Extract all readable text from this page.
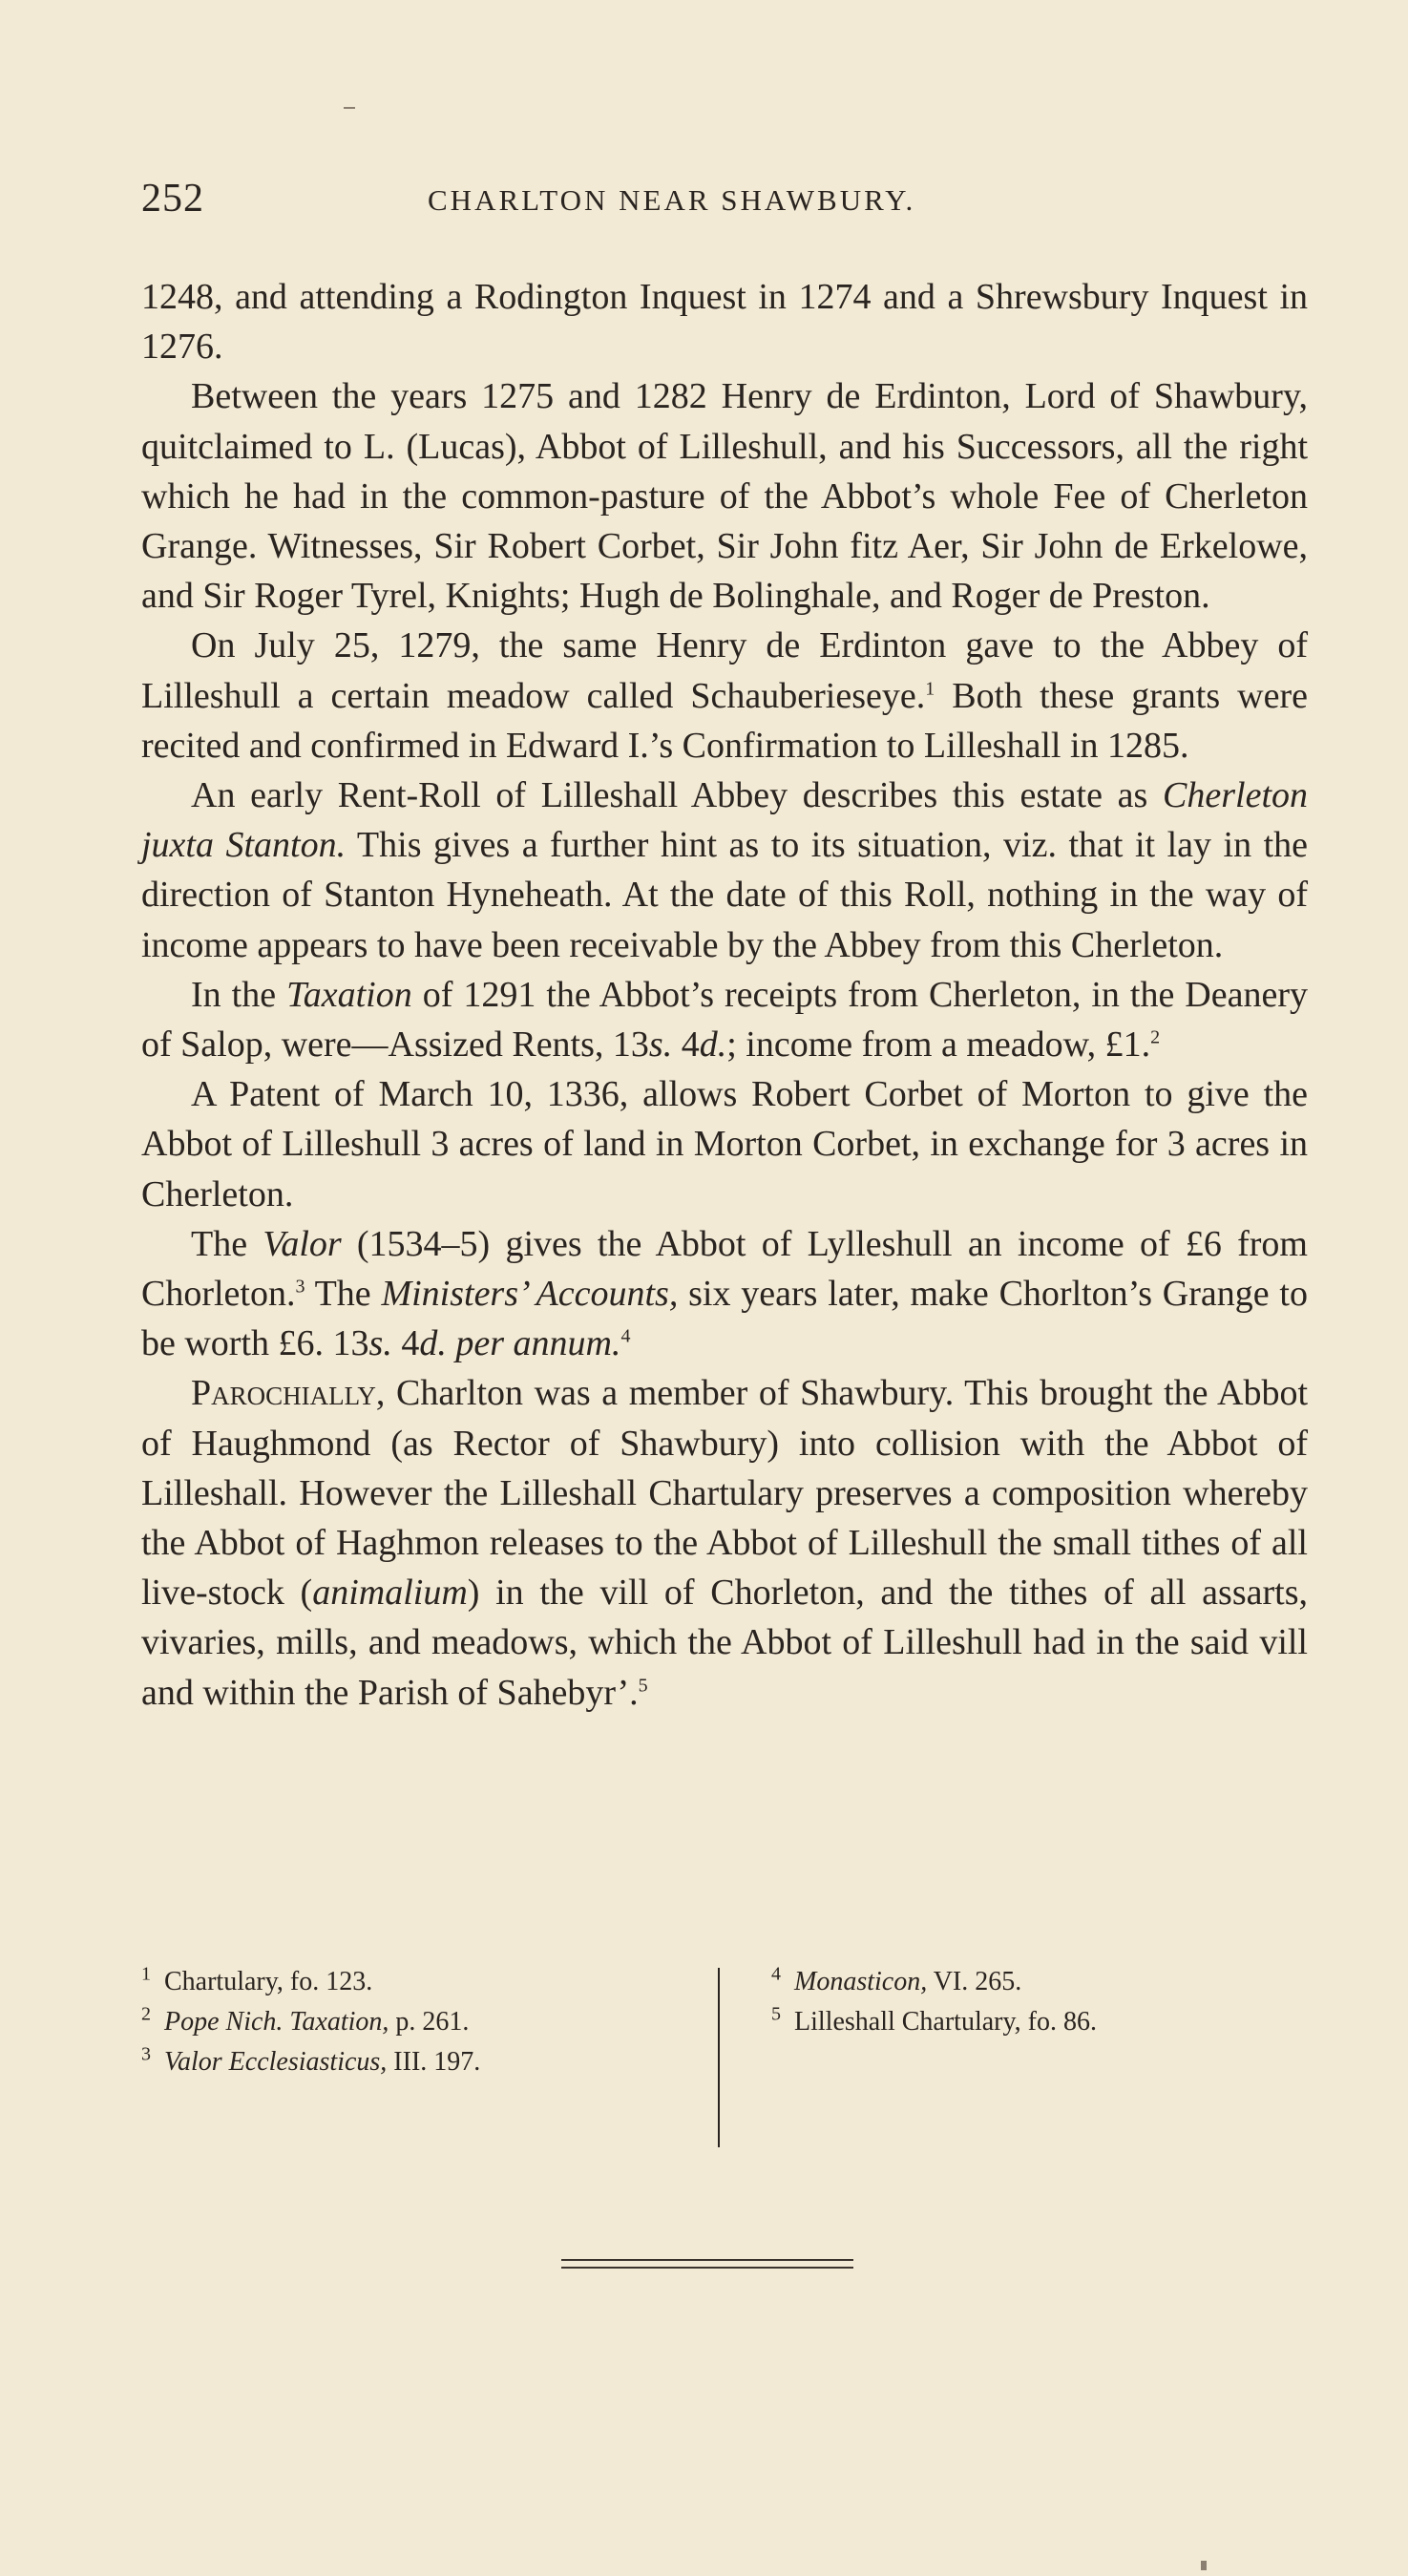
252	CHARLTON NEAR SHAWBURY.

1248, and attending a Rodington Inquest in 1274 and a Shrewsbury Inquest in 1276.

Between the years 1275 and 1282 Henry de Erdinton, Lord of Shawbury, quitclaimed to L. (Lucas), Abbot of Lilleshull, and his Successors, all the right which he had in the common-pasture of the Abbot’s whole Fee of Cherleton Grange. Witnesses, Sir Robert Corbet, Sir John fitz Aer, Sir John de Erkelowe, and Sir Roger Tyrel, Knights; Hugh de Bolinghale, and Roger de Preston.

On July 25, 1279, the same Henry de Erdinton gave to the Abbey of Lilleshull a certain meadow called Schauberieseye.$^1$ Both these grants were recited and confirmed in Edward I.’s Confirmation to Lilleshall in 1285.

An early Rent-Roll of Lilleshall Abbey describes this estate as Cherleton juxta Stanton. This gives a further hint as to its situation, viz. that it lay in the direction of Stanton Hyneheath. At the date of this Roll, nothing in the way of income appears to have been receivable by the Abbey from this Cherleton.

In the Taxation of 1291 the Abbot’s receipts from Cherleton, in the Deanery of Salop, were—Assized Rents, 13s. 4d.; income from a meadow, £1.$^2$

A Patent of March 10, 1336, allows Robert Corbet of Morton to give the Abbot of Lilleshull 3 acres of land in Morton Corbet, in exchange for 3 acres in Cherleton.

The Valor (1534–5) gives the Abbot of Lylleshull an income of £6 from Chorleton.$^3$ The Ministers’ Accounts, six years later, make Chorlton’s Grange to be worth £6. 13s. 4d. per annum.$^4$

Parochially, Charlton was a member of Shawbury. This brought the Abbot of Haughmond (as Rector of Shawbury) into collision with the Abbot of Lilleshall. However the Lilleshall Chartulary preserves a composition whereby the Abbot of Haghmon releases to the Abbot of Lilleshull the small tithes of all live-stock (animalium) in the vill of Chorleton, and the tithes of all assarts, vivaries, mills, and meadows, which the Abbot of Lilleshull had in the said vill and within the Parish of Sahebyr’.$^5$

$^1$ Chartulary, fo. 123.
$^2$ Pope Nich. Taxation, p. 261.
$^3$ Valor Ecclesiasticus, III. 197.
$^4$ Monasticon, VI. 265.
$^5$ Lilleshall Chartulary, fo. 86.
